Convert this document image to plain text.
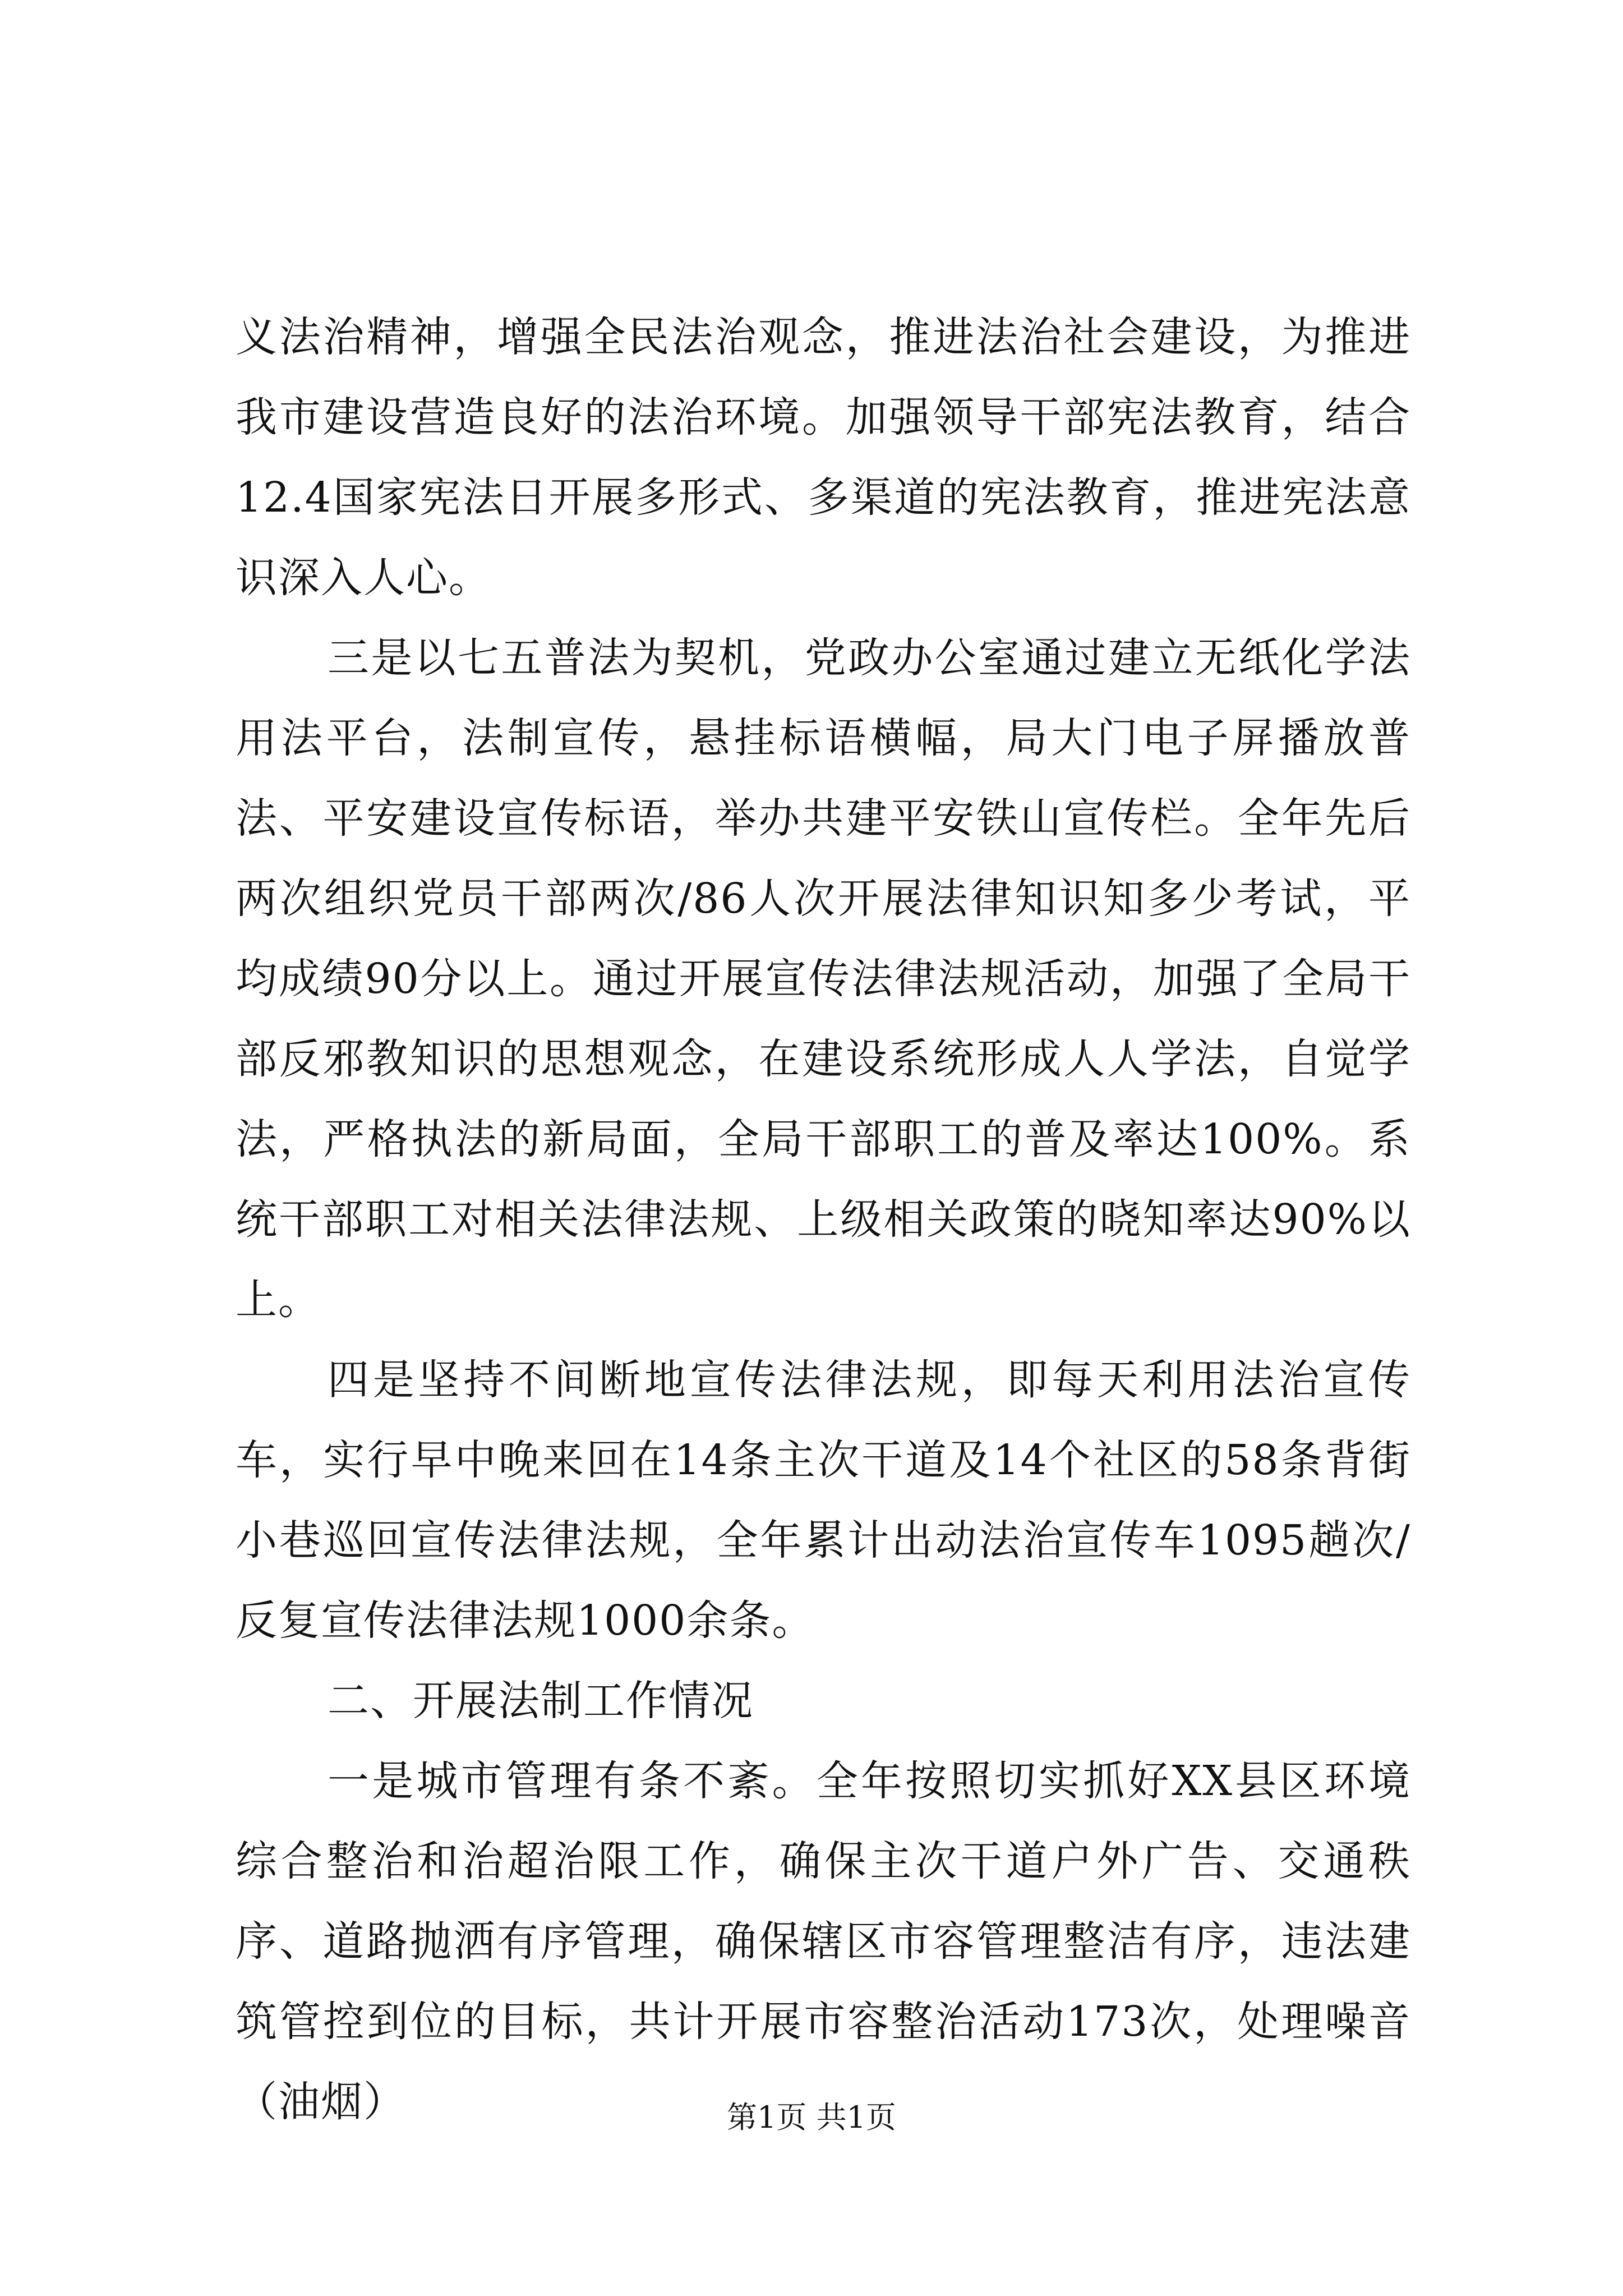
义法治精神，增强全民法治观念，推进法治社会建设，为推进我市建设营造良好的法治环境。加强领导干部宪法教育，结合12.4国家宪法日开展多形式、多渠道的宪法教育，推进宪法意识深入人心。

三是以七五普法为契机，党政办公室通过建立无纸化学法用法平台，法制宣传，悬挂标语横幅，局大门电子屏播放普法、平安建设宣传标语，举办共建平安铁山宣传栏。全年先后两次组织党员干部两次/86人次开展法律知识知多少考试，平均成绩90分以上。通过开展宣传法律法规活动，加强了全局干部反邪教知识的思想观念，在建设系统形成人人学法，自觉学法，严格执法的新局面，全局干部职工的普及率达100%。系统干部职工对相关法律法规、上级相关政策的晓知率达90%以上。

四是坚持不间断地宣传法律法规，即每天利用法治宣传车，实行早中晚来回在14条主次干道及14个社区的58条背街小巷巡回宣传法律法规，全年累计出动法治宣传车1095趟次/反复宣传法律法规1000余条。

二、开展法制工作情况

一是城市管理有条不紊。全年按照切实抓好XX县区环境综合整治和治超治限工作，确保主次干道户外广告、交通秩序、道路抛洒有序管理，确保辖区市容管理整洁有序，违法建筑管控到位的目标，共计开展市容整治活动173次，处理噪音（油烟）	第1页 共1页
